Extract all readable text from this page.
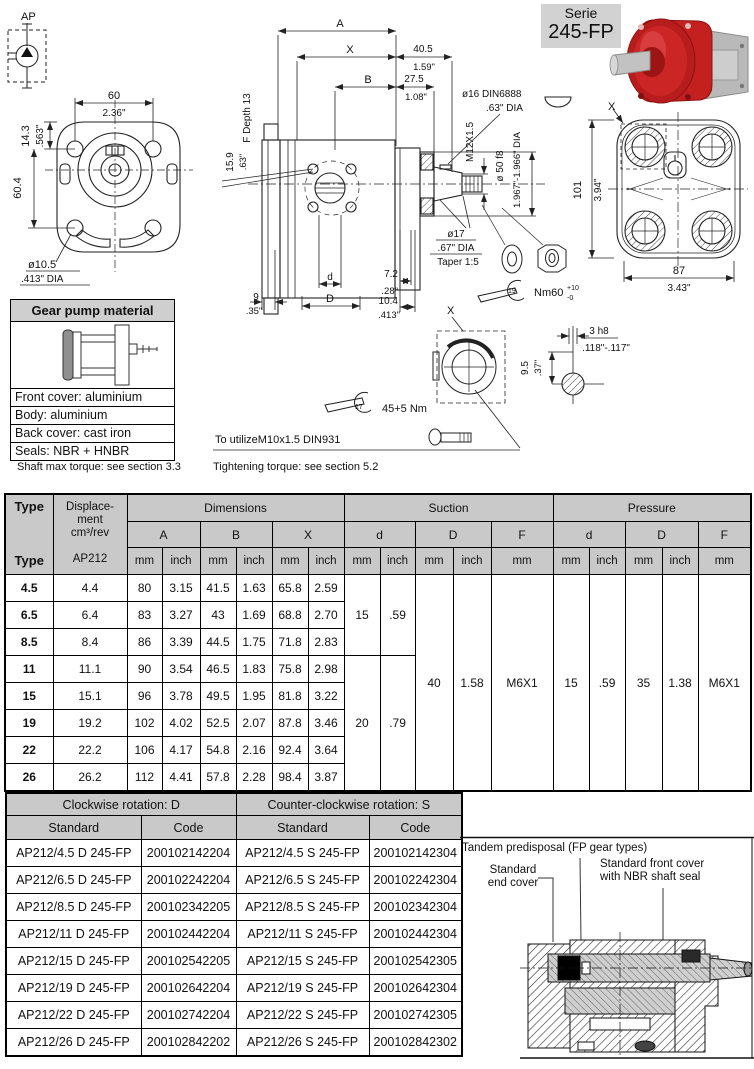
AP
60
2.36"
14.3 .563"
60.4
ø10.5
.413" DIA
A
X
B
40.5
1.59"
27.5
1.08"
15.9 .63"
F Depth 13	ø16 DIN6888
.63" DIA
M12X1.5
ø 50 f8 1.967"-1.966" DIA
ø17
.67" DIA
Taper 1:5
d
D
7.2
.28"
10.4
.413"
9
.35"	X
X
101 3.94"
87
3.43"
19 Nm60 +10
-0
3 h8
.118"-.117"
9.5 .37"
17 45+5 Nm
To utilizeM10x1.5 DIN931
Serie
245-FP
Gear pump material
Front cover: aluminium
Body: aluminium
Back cover: cast iron
Seals: NBR + HNBR
Shaft max torque: see section 3.3	Tightening torque: see section 5.2
Type
Type

Displace-ment
cm³/rev
AP212
	Dimensions	Suction	Pressure
		A		B		X		d		D		F	d		D		F
		mm	inch	mm	inch	mm	inch	mm	inch	mm	inch	mm	mm	inch	mm	inch	mm
4.5	4.4	80	3.15	41.5	1.63	65.8	2.59	15	.59	40	1.58	M6X1	15	.59	35	1.38	M6X1
6.5	6.4	83	3.27	43	1.69	68.8	2.70										
8.5	8.4	86	3.39	44.5	1.75	71.8	2.83										
11	11.1	90	3.54	46.5	1.83	75.8	2.98	20	.79								
15	15.1	96	3.78	49.5	1.95	81.8	3.22										
19	19.2	102	4.02	52.5	2.07	87.8	3.46										
22	22.2	106	4.17	54.8	2.16	92.4	3.64										
26	26.2	112	4.41	57.8	2.28	98.4	3.87										
Clockwise rotation: D		Counter-clockwise rotation: S	
Standard	Code	Standard	Code
AP212/4.5 D 245-FP	200102142204	AP212/4.5 S 245-FP	200102142304
AP212/6.5 D 245-FP	200102242204	AP212/6.5 S 245-FP	200102242304
AP212/8.5 D 245-FP	200102342205	AP212/8.5 S 245-FP	200102342304
AP212/11 D 245-FP	200102442204	AP212/11 S 245-FP	200102442304
AP212/15 D 245-FP	200102542205	AP212/15 S 245-FP	200102542305
AP212/19 D 245-FP	200102642204	AP212/19 S 245-FP	200102642304
AP212/22 D 245-FP	200102742204	AP212/22 S 245-FP	200102742305
AP212/26 D 245-FP	200102842202	AP212/26 S 245-FP	200102842302
Tandem predisposal (FP gear types)
Standard
end cover
Standard front cover
with NBR shaft seal
